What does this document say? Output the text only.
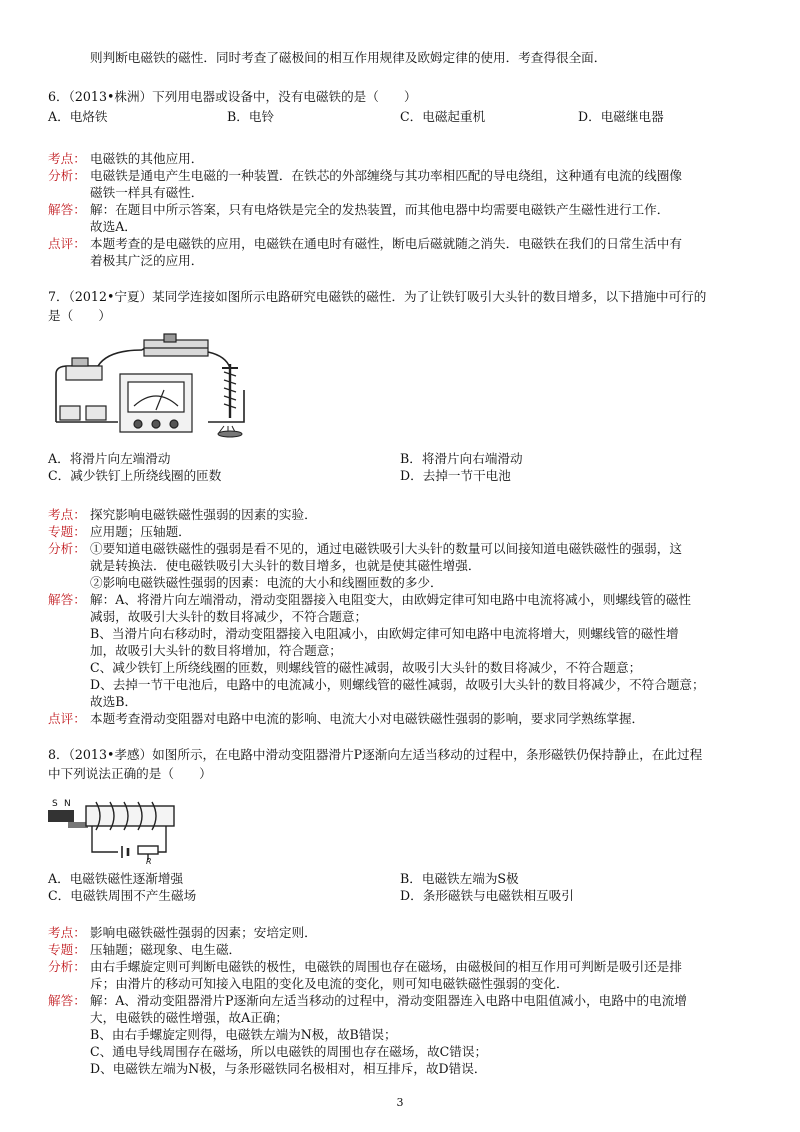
则判断电磁铁的磁性．同时考查了磁极间的相互作用规律及欧姆定律的使用．考查得很全面．
6．（2013•株洲）下列用电器或设备中，没有电磁铁的是（　　）
A．电烙铁	B．电铃	C．电磁起重机	D．电磁继电器
考点： 电磁铁的其他应用．
分析： 电磁铁是通电产生电磁的一种装置．在铁芯的外部缠绕与其功率相匹配的导电绕组，这种通有电流的线圈像
磁铁一样具有磁性．
解答： 解：在题目中所示答案，只有电烙铁是完全的发热装置，而其他电器中均需要电磁铁产生磁性进行工作．
故选A．
点评： 本题考查的是电磁铁的应用，电磁铁在通电时有磁性，断电后磁就随之消失．电磁铁在我们的日常生活中有
着极其广泛的应用．
7．（2012•宁夏）某同学连接如图所示电路研究电磁铁的磁性．为了让铁钉吸引大头针的数目增多，以下措施中可行的
是（　　）
A．将滑片向左端滑动	B．将滑片向右端滑动
C．减少铁钉上所绕线圈的匝数	D．去掉一节干电池
考点： 探究影响电磁铁磁性强弱的因素的实验．
专题： 应用题；压轴题．
分析： ①要知道电磁铁磁性的强弱是看不见的，通过电磁铁吸引大头针的数量可以间接知道电磁铁磁性的强弱，这
就是转换法．使电磁铁吸引大头针的数目增多，也就是使其磁性增强．
②影响电磁铁磁性强弱的因素：电流的大小和线圈匝数的多少．
解答： 解：A、将滑片向左端滑动，滑动变阻器接入电阻变大，由欧姆定律可知电路中电流将减小，则螺线管的磁性
减弱，故吸引大头针的数目将减少，不符合题意；
B、当滑片向右移动时，滑动变阻器接入电阻减小，由欧姆定律可知电路中电流将增大，则螺线管的磁性增
加，故吸引大头针的数目将增加，符合题意；
C、减少铁钉上所绕线圈的匝数，则螺线管的磁性减弱，故吸引大头针的数目将减少，不符合题意；
D、去掉一节干电池后，电路中的电流减小，则螺线管的磁性减弱，故吸引大头针的数目将减少，不符合题意；
故选B．
点评： 本题考查滑动变阻器对电路中电流的影响、电流大小对电磁铁磁性强弱的影响，要求同学熟练掌握．
8．（2013•孝感）如图所示，在电路中滑动变阻器滑片P逐渐向左适当移动的过程中，条形磁铁仍保持静止，在此过程
中下列说法正确的是（　　）
S N
R
A．电磁铁磁性逐渐增强	B．电磁铁左端为S极
C．电磁铁周围不产生磁场	D．条形磁铁与电磁铁相互吸引
考点： 影响电磁铁磁性强弱的因素；安培定则．
专题： 压轴题；磁现象、电生磁．
分析： 由右手螺旋定则可判断电磁铁的极性，电磁铁的周围也存在磁场，由磁极间的相互作用可判断是吸引还是排
斥；由滑片的移动可知接入电阻的变化及电流的变化，则可知电磁铁磁性强弱的变化．
解答： 解：A、滑动变阻器滑片P逐渐向左适当移动的过程中，滑动变阻器连入电路中电阻值减小，电路中的电流增
大，电磁铁的磁性增强，故A正确；
B、由右手螺旋定则得，电磁铁左端为N极，故B错误；
C、通电导线周围存在磁场，所以电磁铁的周围也存在磁场，故C错误；
D、电磁铁左端为N极，与条形磁铁同名极相对，相互排斥，故D错误．
3
